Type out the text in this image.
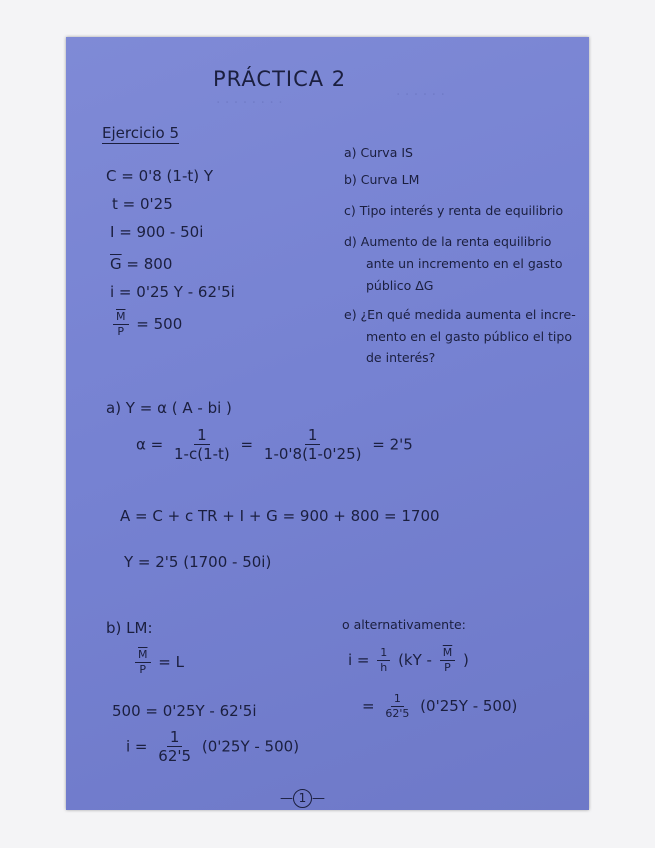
· · · · · · · ·	· · · · · ·
PRÁCTICA 2
Ejercicio 5
C = 0'8 (1-t) Y
t = 0'25
I = 900 - 50i
$\overline{G} = 800$
i = 0'25 Y - 62'5i
$\frac{\overline{M}}{P} = 500$
a) Curva IS
b) Curva LM
c) Tipo interés y renta de equilibrio
d) Aumento de la renta equilibrio
ante un incremento en el gasto
público ΔG
e) ¿En qué medida aumenta el incre-
mento en el gasto público el tipo
de interés?
a) Y = α ( A - bi )
$\alpha = \frac{1}{1-c(1-t)} = \frac{1}{1-0'8(1-0'25)} = 2'5$
A = C + c TR + I + G = 900 + 800 = 1700
Y = 2'5 (1700 - 50i)
b) LM:
$\frac{\overline{M}}{P} = L$
500 = 0'25Y - 62'5i
$i = \frac{1}{62'5} (0'25Y - 500)$
o alternativamente:
$i = \frac{1}{h} (kY - \frac{\overline{M}}{P}$ )
= $\frac{1}{62'5} (0'25Y - 500)$
— 1 —
